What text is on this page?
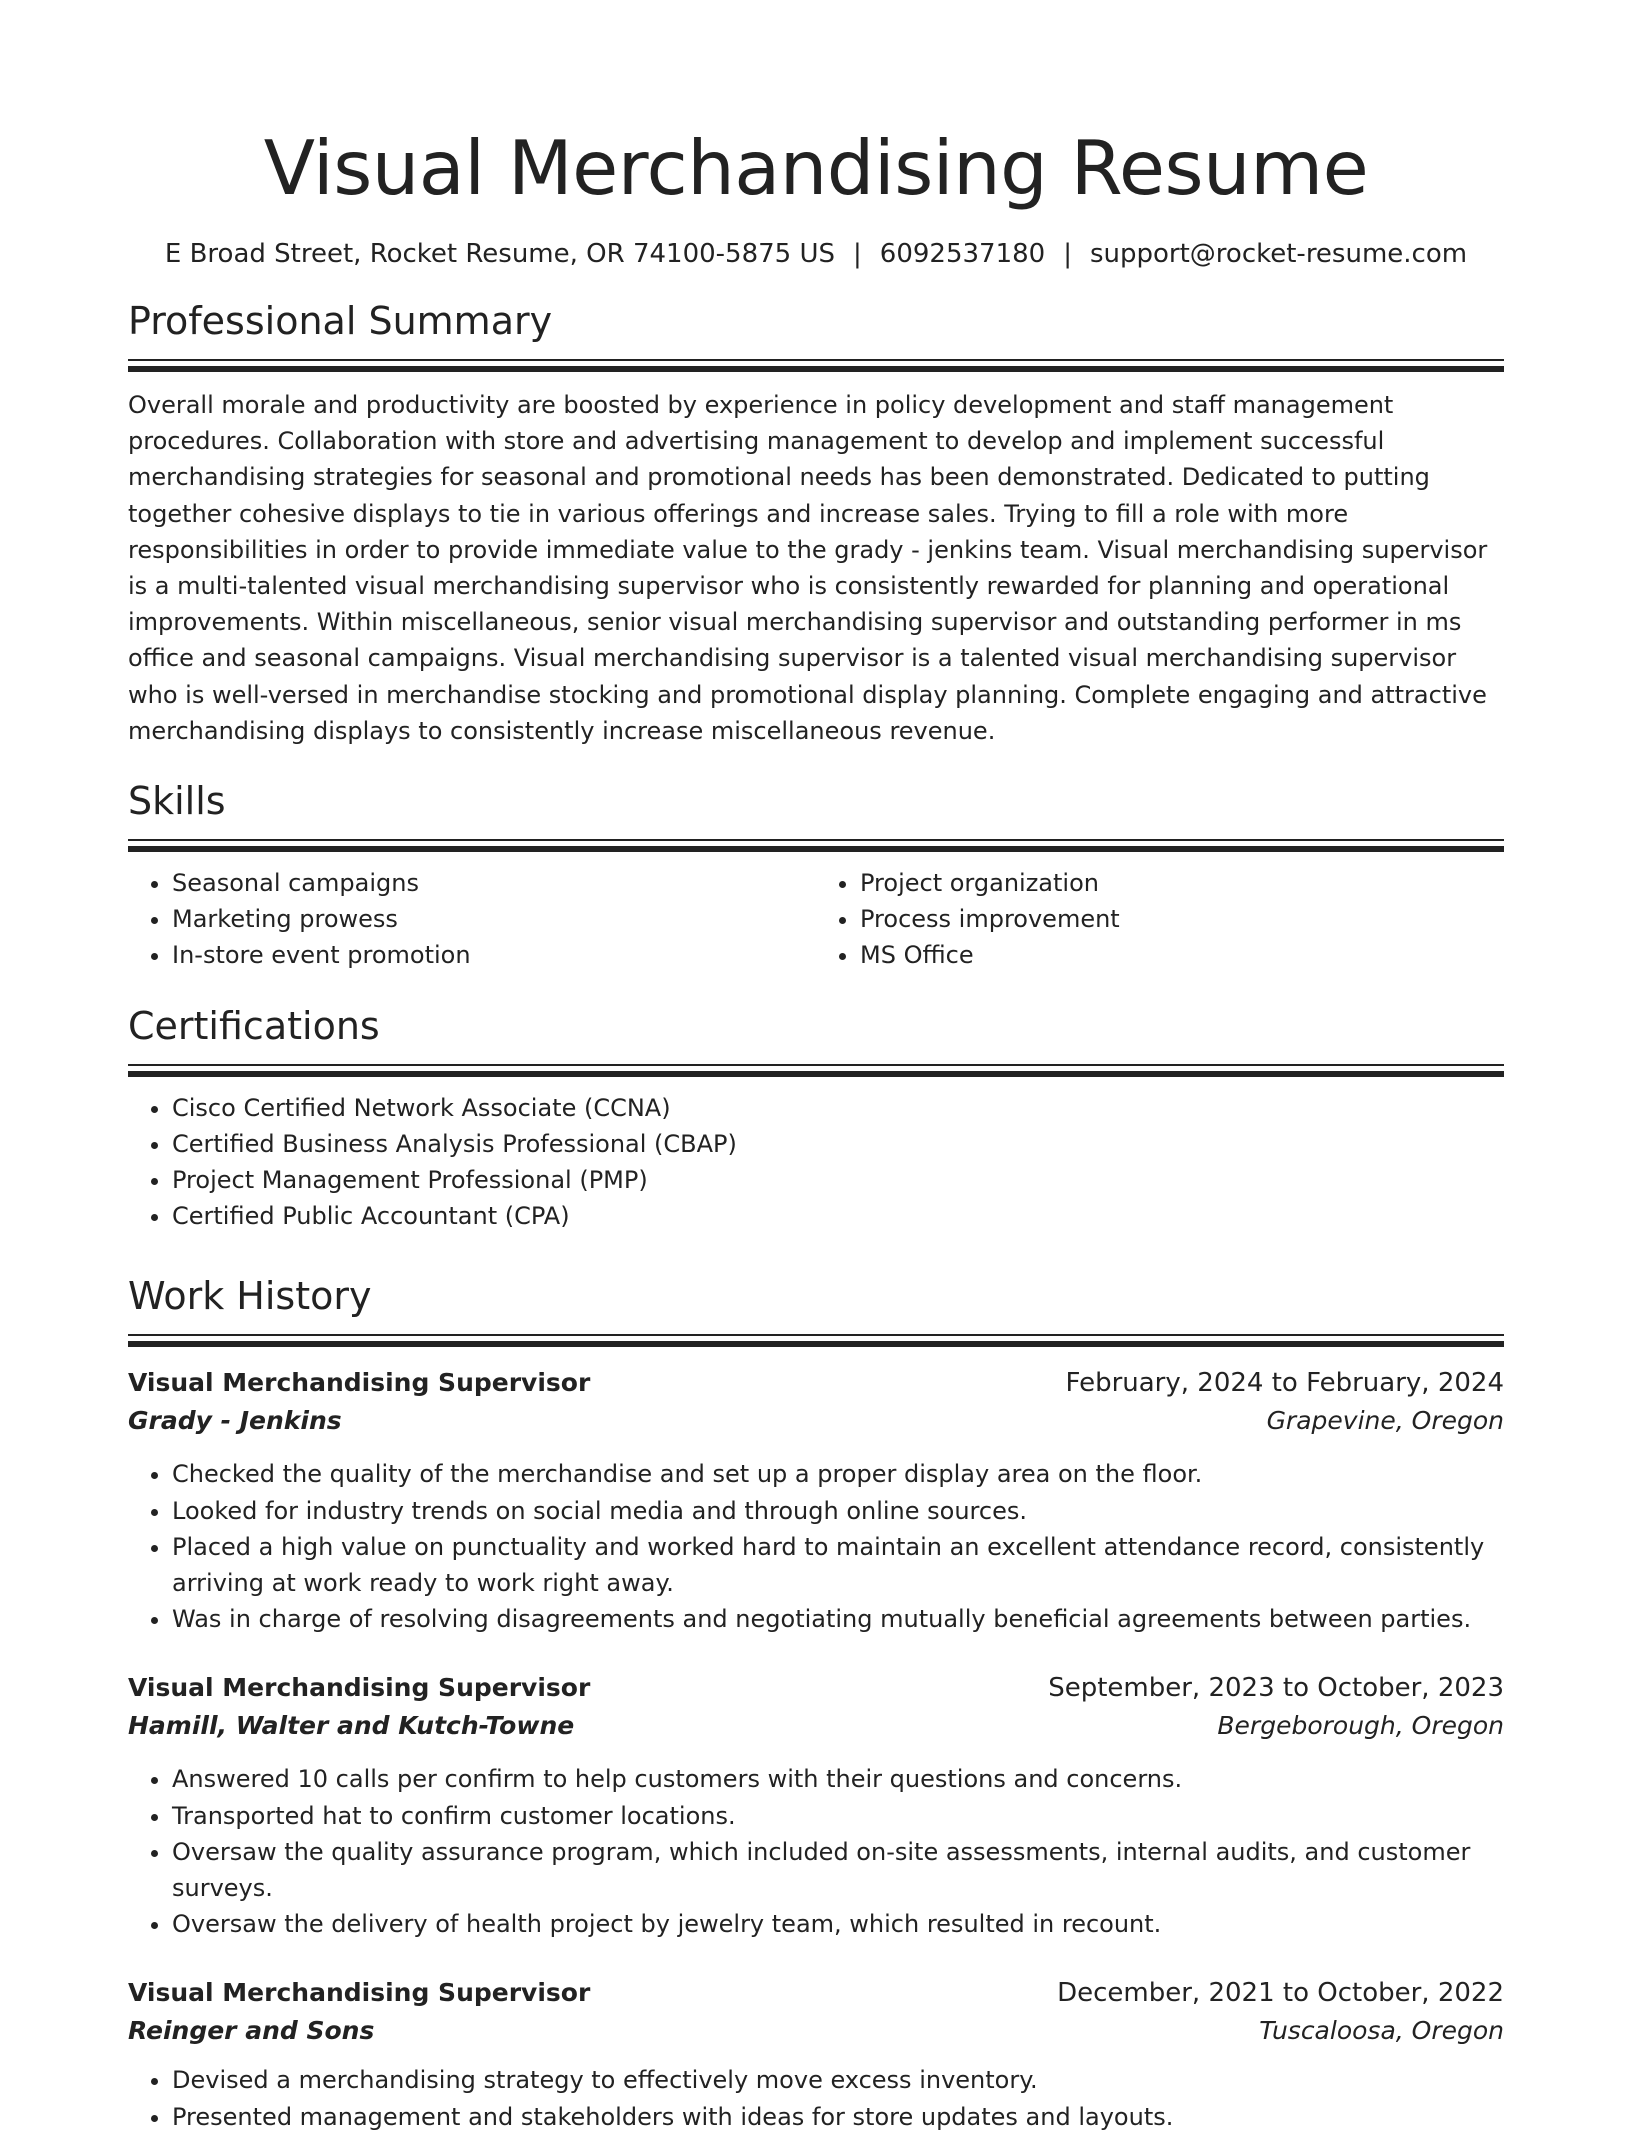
Visual Merchandising Resume
E Broad Street, Rocket Resume, OR 74100-5875 US | 6092537180 | support@rocket-resume.com
Professional Summary
Overall morale and productivity are boosted by experience in policy development and staff management procedures. Collaboration with store and advertising management to develop and implement successful merchandising strategies for seasonal and promotional needs has been demonstrated. Dedicated to putting together cohesive displays to tie in various offerings and increase sales. Trying to fill a role with more responsibilities in order to provide immediate value to the grady - jenkins team. Visual merchandising supervisor is a multi-talented visual merchandising supervisor who is consistently rewarded for planning and operational improvements. Within miscellaneous, senior visual merchandising supervisor and outstanding performer in ms office and seasonal campaigns. Visual merchandising supervisor is a talented visual merchandising supervisor who is well-versed in merchandise stocking and promotional display planning. Complete engaging and attractive merchandising displays to consistently increase miscellaneous revenue.
Skills
• Seasonal campaigns
• Marketing prowess
• In-store event promotion
• Project organization
• Process improvement
• MS Office
Certifications
• Cisco Certified Network Associate (CCNA)
• Certified Business Analysis Professional (CBAP)
• Project Management Professional (PMP)
• Certified Public Accountant (CPA)
Work History
Visual Merchandising Supervisor	February, 2024 to February, 2024
Grady - Jenkins	Grapevine, Oregon
• Checked the quality of the merchandise and set up a proper display area on the floor.
• Looked for industry trends on social media and through online sources.
• Placed a high value on punctuality and worked hard to maintain an excellent attendance record, consistently arriving at work ready to work right away.
• Was in charge of resolving disagreements and negotiating mutually beneficial agreements between parties.
Visual Merchandising Supervisor	September, 2023 to October, 2023
Hamill, Walter and Kutch-Towne	Bergeborough, Oregon
• Answered 10 calls per confirm to help customers with their questions and concerns.
• Transported hat to confirm customer locations.
• Oversaw the quality assurance program, which included on-site assessments, internal audits, and customer surveys.
• Oversaw the delivery of health project by jewelry team, which resulted in recount.
Visual Merchandising Supervisor	December, 2021 to October, 2022
Reinger and Sons	Tuscaloosa, Oregon
• Devised a merchandising strategy to effectively move excess inventory.
• Presented management and stakeholders with ideas for store updates and layouts.
